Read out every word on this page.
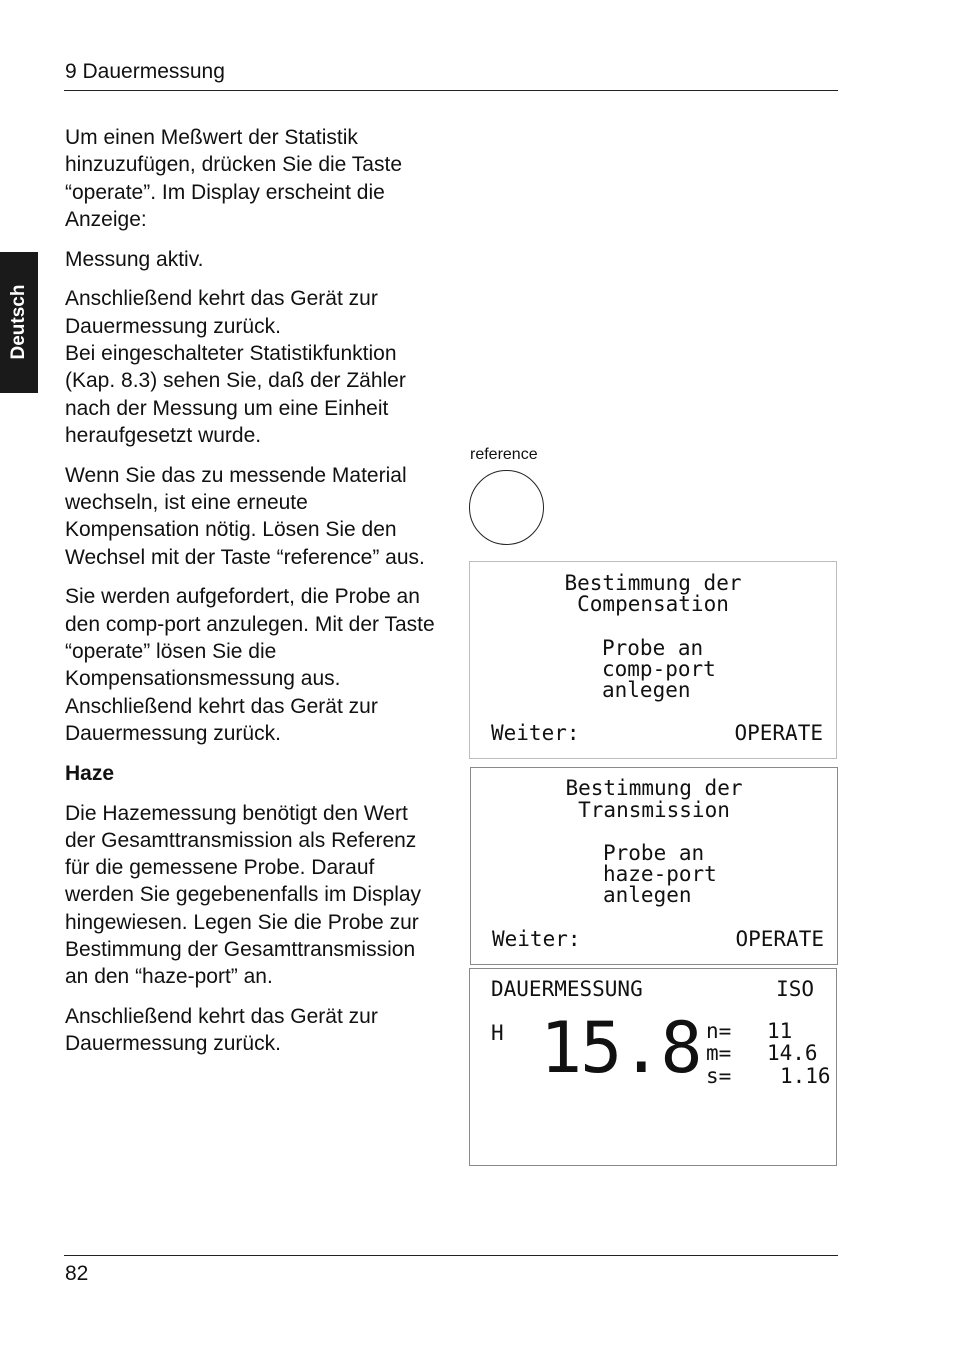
9 Dauermessung
Deutsch

Um einen Meßwert der Statistik hinzuzufügen, drücken Sie die Taste “operate”. Im Display erscheint die Anzeige:

Messung aktiv.

Anschließend kehrt das Gerät zur Dauermessung zurück.

Bei eingeschalteter Statistikfunktion (Kap. 8.3) sehen Sie, daß der Zähler nach der Messung um eine Einheit heraufgesetzt wurde.

Wenn Sie das zu messende Material wechseln, ist eine erneute Kompensation nötig. Lösen Sie den Wechsel mit der Taste “reference” aus.

Sie werden aufgefordert, die Probe an den comp-port anzulegen. Mit der Taste “operate” lösen Sie die Kompensationsmessung aus. Anschließend kehrt das Gerät zur Dauermessung zurück.

Haze

Die Hazemessung benötigt den Wert der Gesamttransmission als Referenz für die gemessene Probe. Darauf werden Sie gegebenenfalls im Display hingewiesen. Legen Sie die Probe zur Bestimmung der Gesamttransmission an den “haze-port” an.

Anschließend kehrt das Gerät zur Dauermessung zurück.

reference
Bestimmung der
Compensation
Probe an
comp-port
anlegen
Weiter:	OPERATE
Bestimmung der
Transmission
Probe an
haze-port
anlegen
Weiter:	OPERATE
DAUERMESSUNG	ISO
H 15.8 n= 11
m= 14.6
s= 1.16
82
